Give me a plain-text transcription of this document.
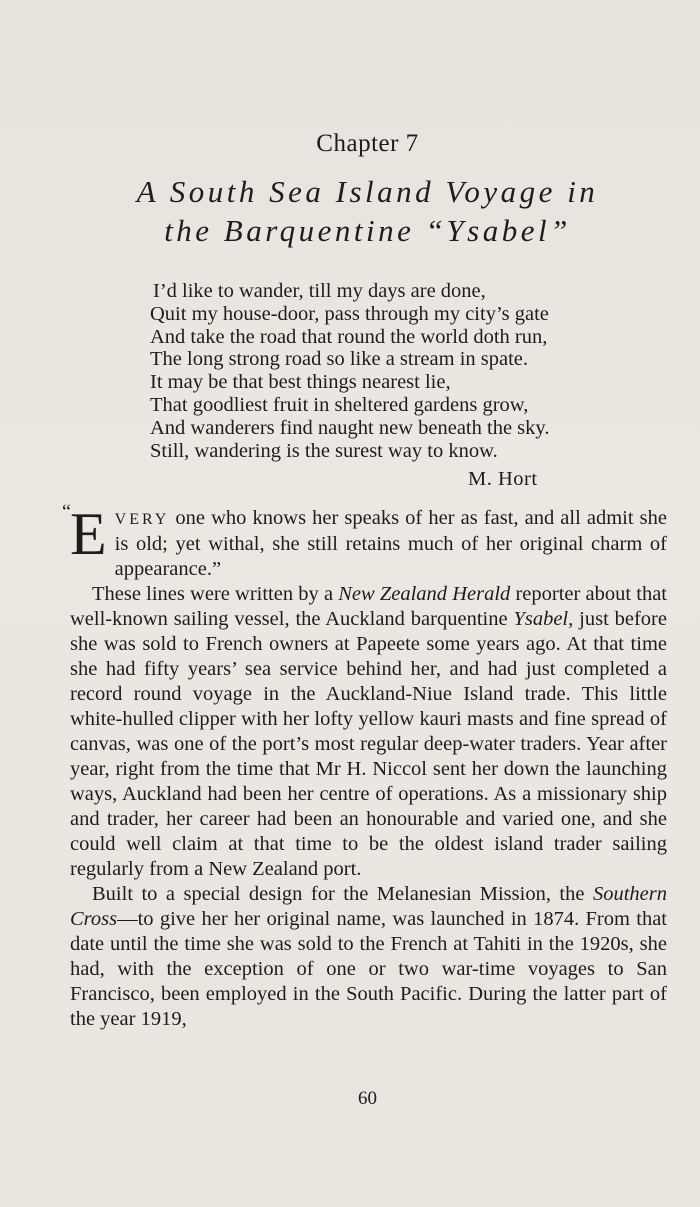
Chapter 7
A South Sea Island Voyage in
the Barquentine “Ysabel”
I’d like to wander, till my days are done,
Quit my house-door, pass through my city’s gate
And take the road that round the world doth run,
The long strong road so like a stream in spate.
It may be that best things nearest lie,
That goodliest fruit in sheltered gardens grow,
And wanderers find naught new beneath the sky.
Still, wandering is the surest way to know.
M. Hort

“ E VERY one who knows her speaks of her as fast, and all admit she is old; yet withal, she still retains much of her original charm of appearance.”

These lines were written by a New Zealand Herald reporter about that well-known sailing vessel, the Auckland barquentine Ysabel, just before she was sold to French owners at Papeete some years ago. At that time she had fifty years’ sea service behind her, and had just completed a record round voyage in the Auckland-Niue Island trade. This little white-hulled clipper with her lofty yellow kauri masts and fine spread of canvas, was one of the port’s most regular deep-water traders. Year after year, right from the time that Mr H. Niccol sent her down the launching ways, Auckland had been her centre of operations. As a missionary ship and trader, her career had been an honourable and varied one, and she could well claim at that time to be the oldest island trader sailing regularly from a New Zealand port.

Built to a special design for the Melanesian Mission, the Southern Cross—to give her her original name, was launched in 1874. From that date until the time she was sold to the French at Tahiti in the 1920s, she had, with the exception of one or two war-time voyages to San Francisco, been employed in the South Pacific. During the latter part of the year 1919,

60
